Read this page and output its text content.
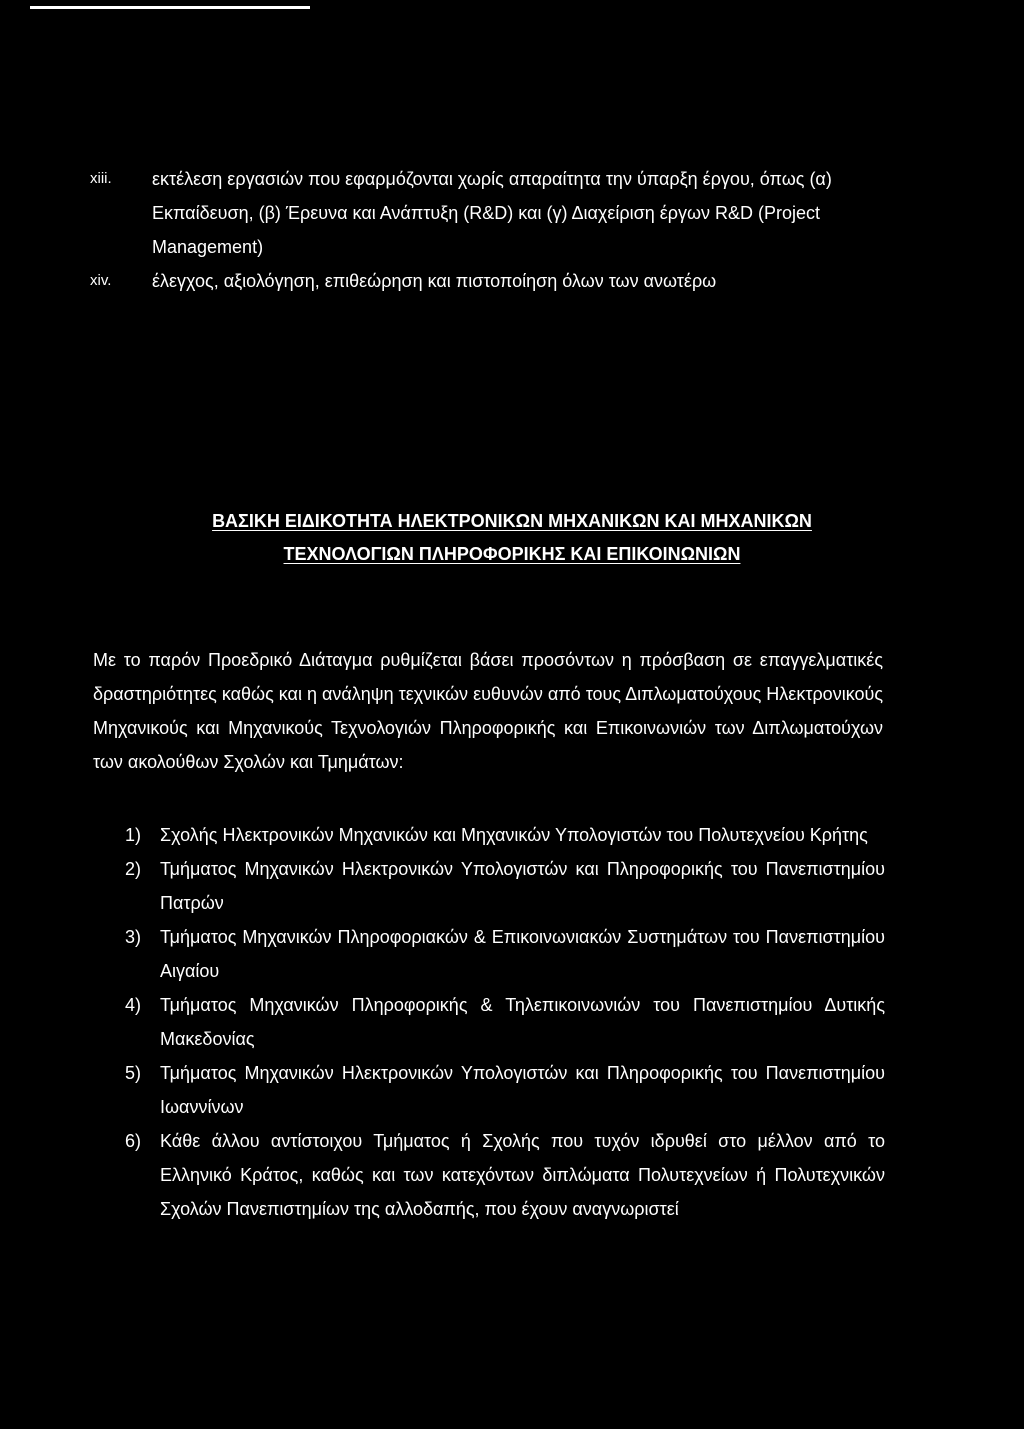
xiii.	εκτέλεση εργασιών που εφαρμόζονται χωρίς απαραίτητα την ύπαρξη έργου, όπως (α) Εκπαίδευση, (β) Έρευνα και Ανάπτυξη (R&D) και (γ) Διαχείριση έργων R&D (Project Management)
xiv.	έλεγχος, αξιολόγηση, επιθεώρηση και πιστοποίηση όλων των ανωτέρω
ΒΑΣΙΚΗ ΕΙΔΙΚΟΤΗΤΑ ΗΛΕΚΤΡΟΝΙΚΩΝ ΜΗΧΑΝΙΚΩΝ ΚΑΙ ΜΗΧΑΝΙΚΩΝ
ΤΕΧΝΟΛΟΓΙΩΝ ΠΛΗΡΟΦΟΡΙΚΗΣ ΚΑΙ ΕΠΙΚΟΙΝΩΝΙΩΝ
Με το παρόν Προεδρικό Διάταγμα ρυθμίζεται βάσει προσόντων η πρόσβαση σε επαγγελματικές δραστηριότητες καθώς και η ανάληψη τεχνικών ευθυνών από τους Διπλωματούχους Ηλεκτρονικούς Μηχανικούς και Μηχανικούς Τεχνολογιών Πληροφορικής και Επικοινωνιών των Διπλωματούχων των ακολούθων Σχολών και Τμημάτων:
1) Σχολής Ηλεκτρονικών Μηχανικών και Μηχανικών Υπολογιστών του Πολυτεχνείου Κρήτης
2) Τμήματος Μηχανικών Ηλεκτρονικών Υπολογιστών και Πληροφορικής του Πανεπιστημίου Πατρών
3) Τμήματος Μηχανικών Πληροφοριακών & Επικοινωνιακών Συστημάτων του Πανεπιστημίου Αιγαίου
4) Τμήματος Μηχανικών Πληροφορικής & Τηλεπικοινωνιών του Πανεπιστημίου Δυτικής Μακεδονίας
5) Τμήματος Μηχανικών Ηλεκτρονικών Υπολογιστών και Πληροφορικής του Πανεπιστημίου Ιωαννίνων
6) Κάθε άλλου αντίστοιχου Τμήματος ή Σχολής που τυχόν ιδρυθεί στο μέλλον από το Ελληνικό Κράτος, καθώς και των κατεχόντων διπλώματα Πολυτεχνείων ή Πολυτεχνικών Σχολών Πανεπιστημίων της αλλοδαπής, που έχουν αναγνωριστεί
